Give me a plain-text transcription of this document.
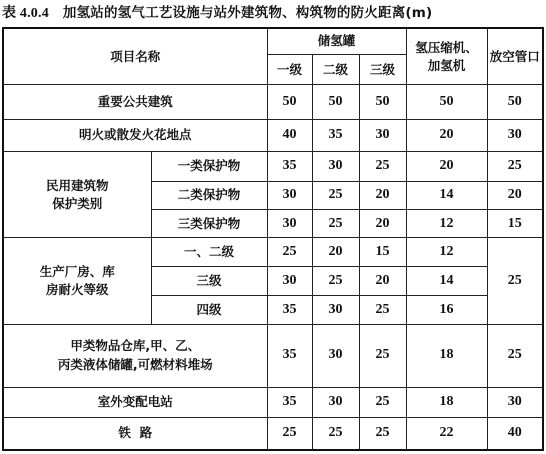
表 4.0.4 加氢站的氢气工艺设施与站外建筑物、构筑物的防火距离(m)
项目名称		储氢罐			氢压缩机、
加氢机	放空管口
		一级	二级	三级		
重要公共建筑		50	50	50	50	50
明火或散发火花地点		40	35	30	20	30

民用建筑物
保护类别	一类保护物	35	30	25	20	25
	二类保护物	30	25	20	14	20
	三类保护物	30	25	20	12	15

生产厂房、库
房耐火等级	一、二级	25	20	15	12	25
	三级	30	25	20	14	
	四级	35	30	25	16	

甲类物品仓库,甲、乙、
丙类液体储罐,可燃材料堆场		35	30	25	18	25
室外变配电站		35	30	25	18	30
铁  路		25	25	25	22	40
